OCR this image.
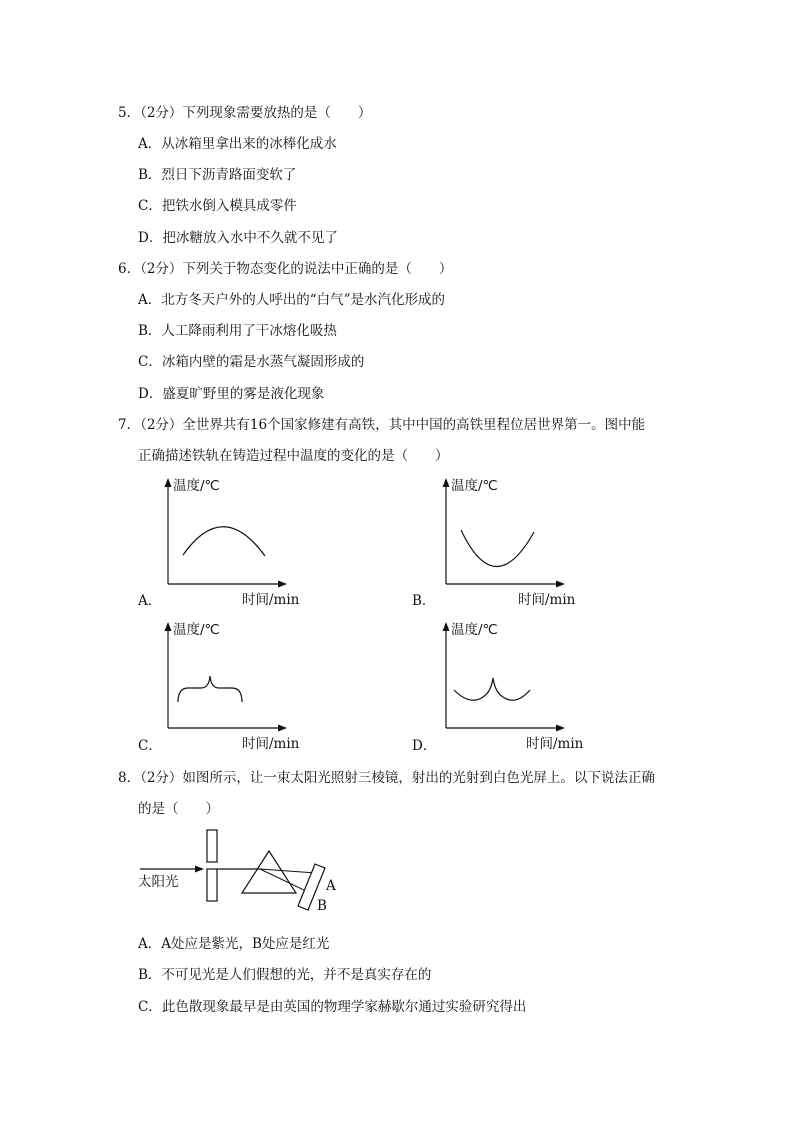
5．（2分）下列现象需要放热的是（　　）
A．从冰箱里拿出来的冰棒化成水
B．烈日下沥青路面变软了
C．把铁水倒入模具成零件
D．把冰糖放入水中不久就不见了
6．（2分）下列关于物态变化的说法中正确的是（　　）
A．北方冬天户外的人呼出的“白气”是水汽化形成的
B．人工降雨利用了干冰熔化吸热
C．冰箱内壁的霜是水蒸气凝固形成的
D．盛夏旷野里的雾是液化现象
7．（2分）全世界共有16个国家修建有高铁，其中中国的高铁里程位居世界第一。图中能
正确描述铁轨在铸造过程中温度的变化的是（　　）
A．
温度/℃
时间/min	B．
温度/℃
时间/min
C．
温度/℃
时间/min	D．
温度/℃
时间/min
8．（2分）如图所示，让一束太阳光照射三棱镜，射出的光射到白色光屏上。以下说法正确
的是（　　）
太阳光	A
B
A．A处应是紫光，B处应是红光
B．不可见光是人们假想的光，并不是真实存在的
C．此色散现象最早是由英国的物理学家赫歇尔通过实验研究得出
